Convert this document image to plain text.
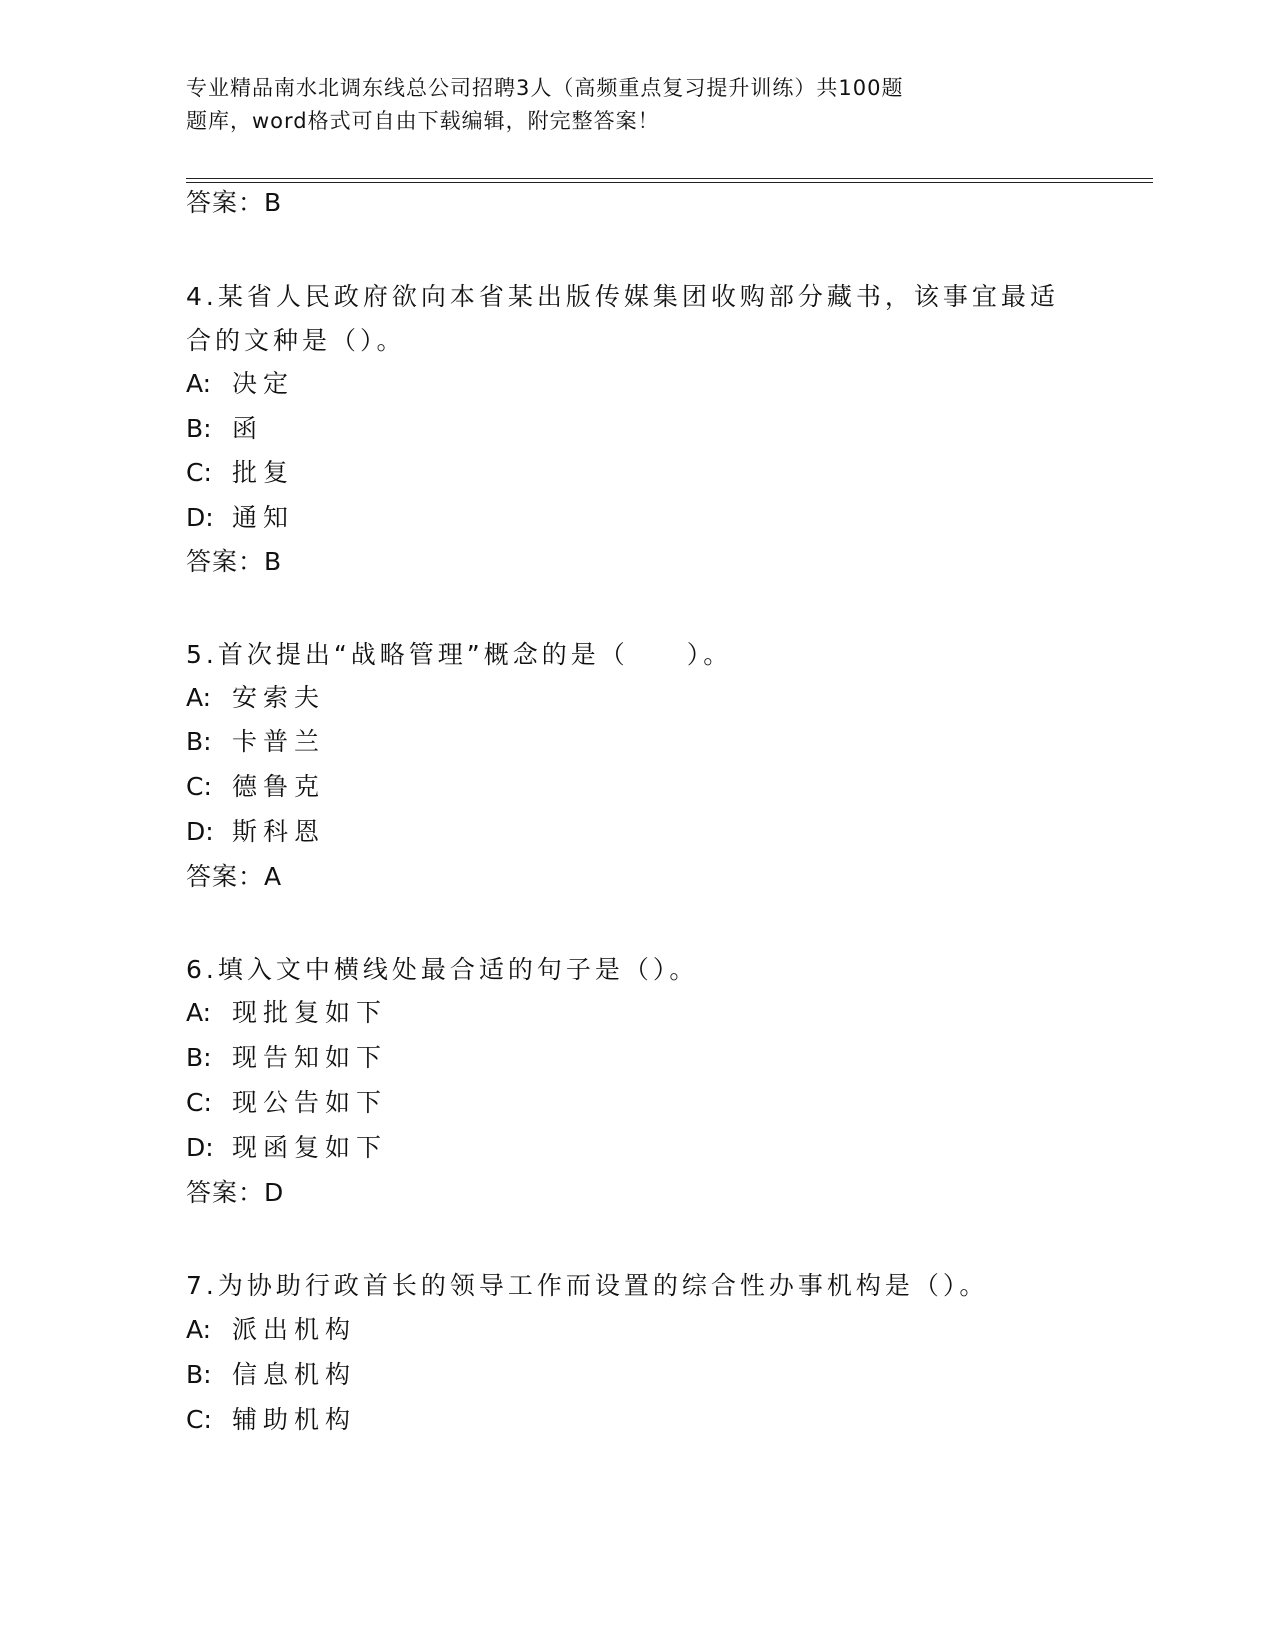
专业精品南水北调东线总公司招聘3人（高频重点复习提升训练）共100题
题库，word格式可自由下载编辑，附完整答案！
答案：B
4.某省人民政府欲向本省某出版传媒集团收购部分藏书，该事宜最适
合的文种是（）。
A: 决定
B: 函
C: 批复
D: 通知
答案：B
5.首次提出“战略管理”概念的是（　　）。
A: 安索夫
B: 卡普兰
C: 德鲁克
D: 斯科恩
答案：A
6.填入文中横线处最合适的句子是（）。
A: 现批复如下
B: 现告知如下
C: 现公告如下
D: 现函复如下
答案：D
7.为协助行政首长的领导工作而设置的综合性办事机构是（）。
A: 派出机构
B: 信息机构
C: 辅助机构
